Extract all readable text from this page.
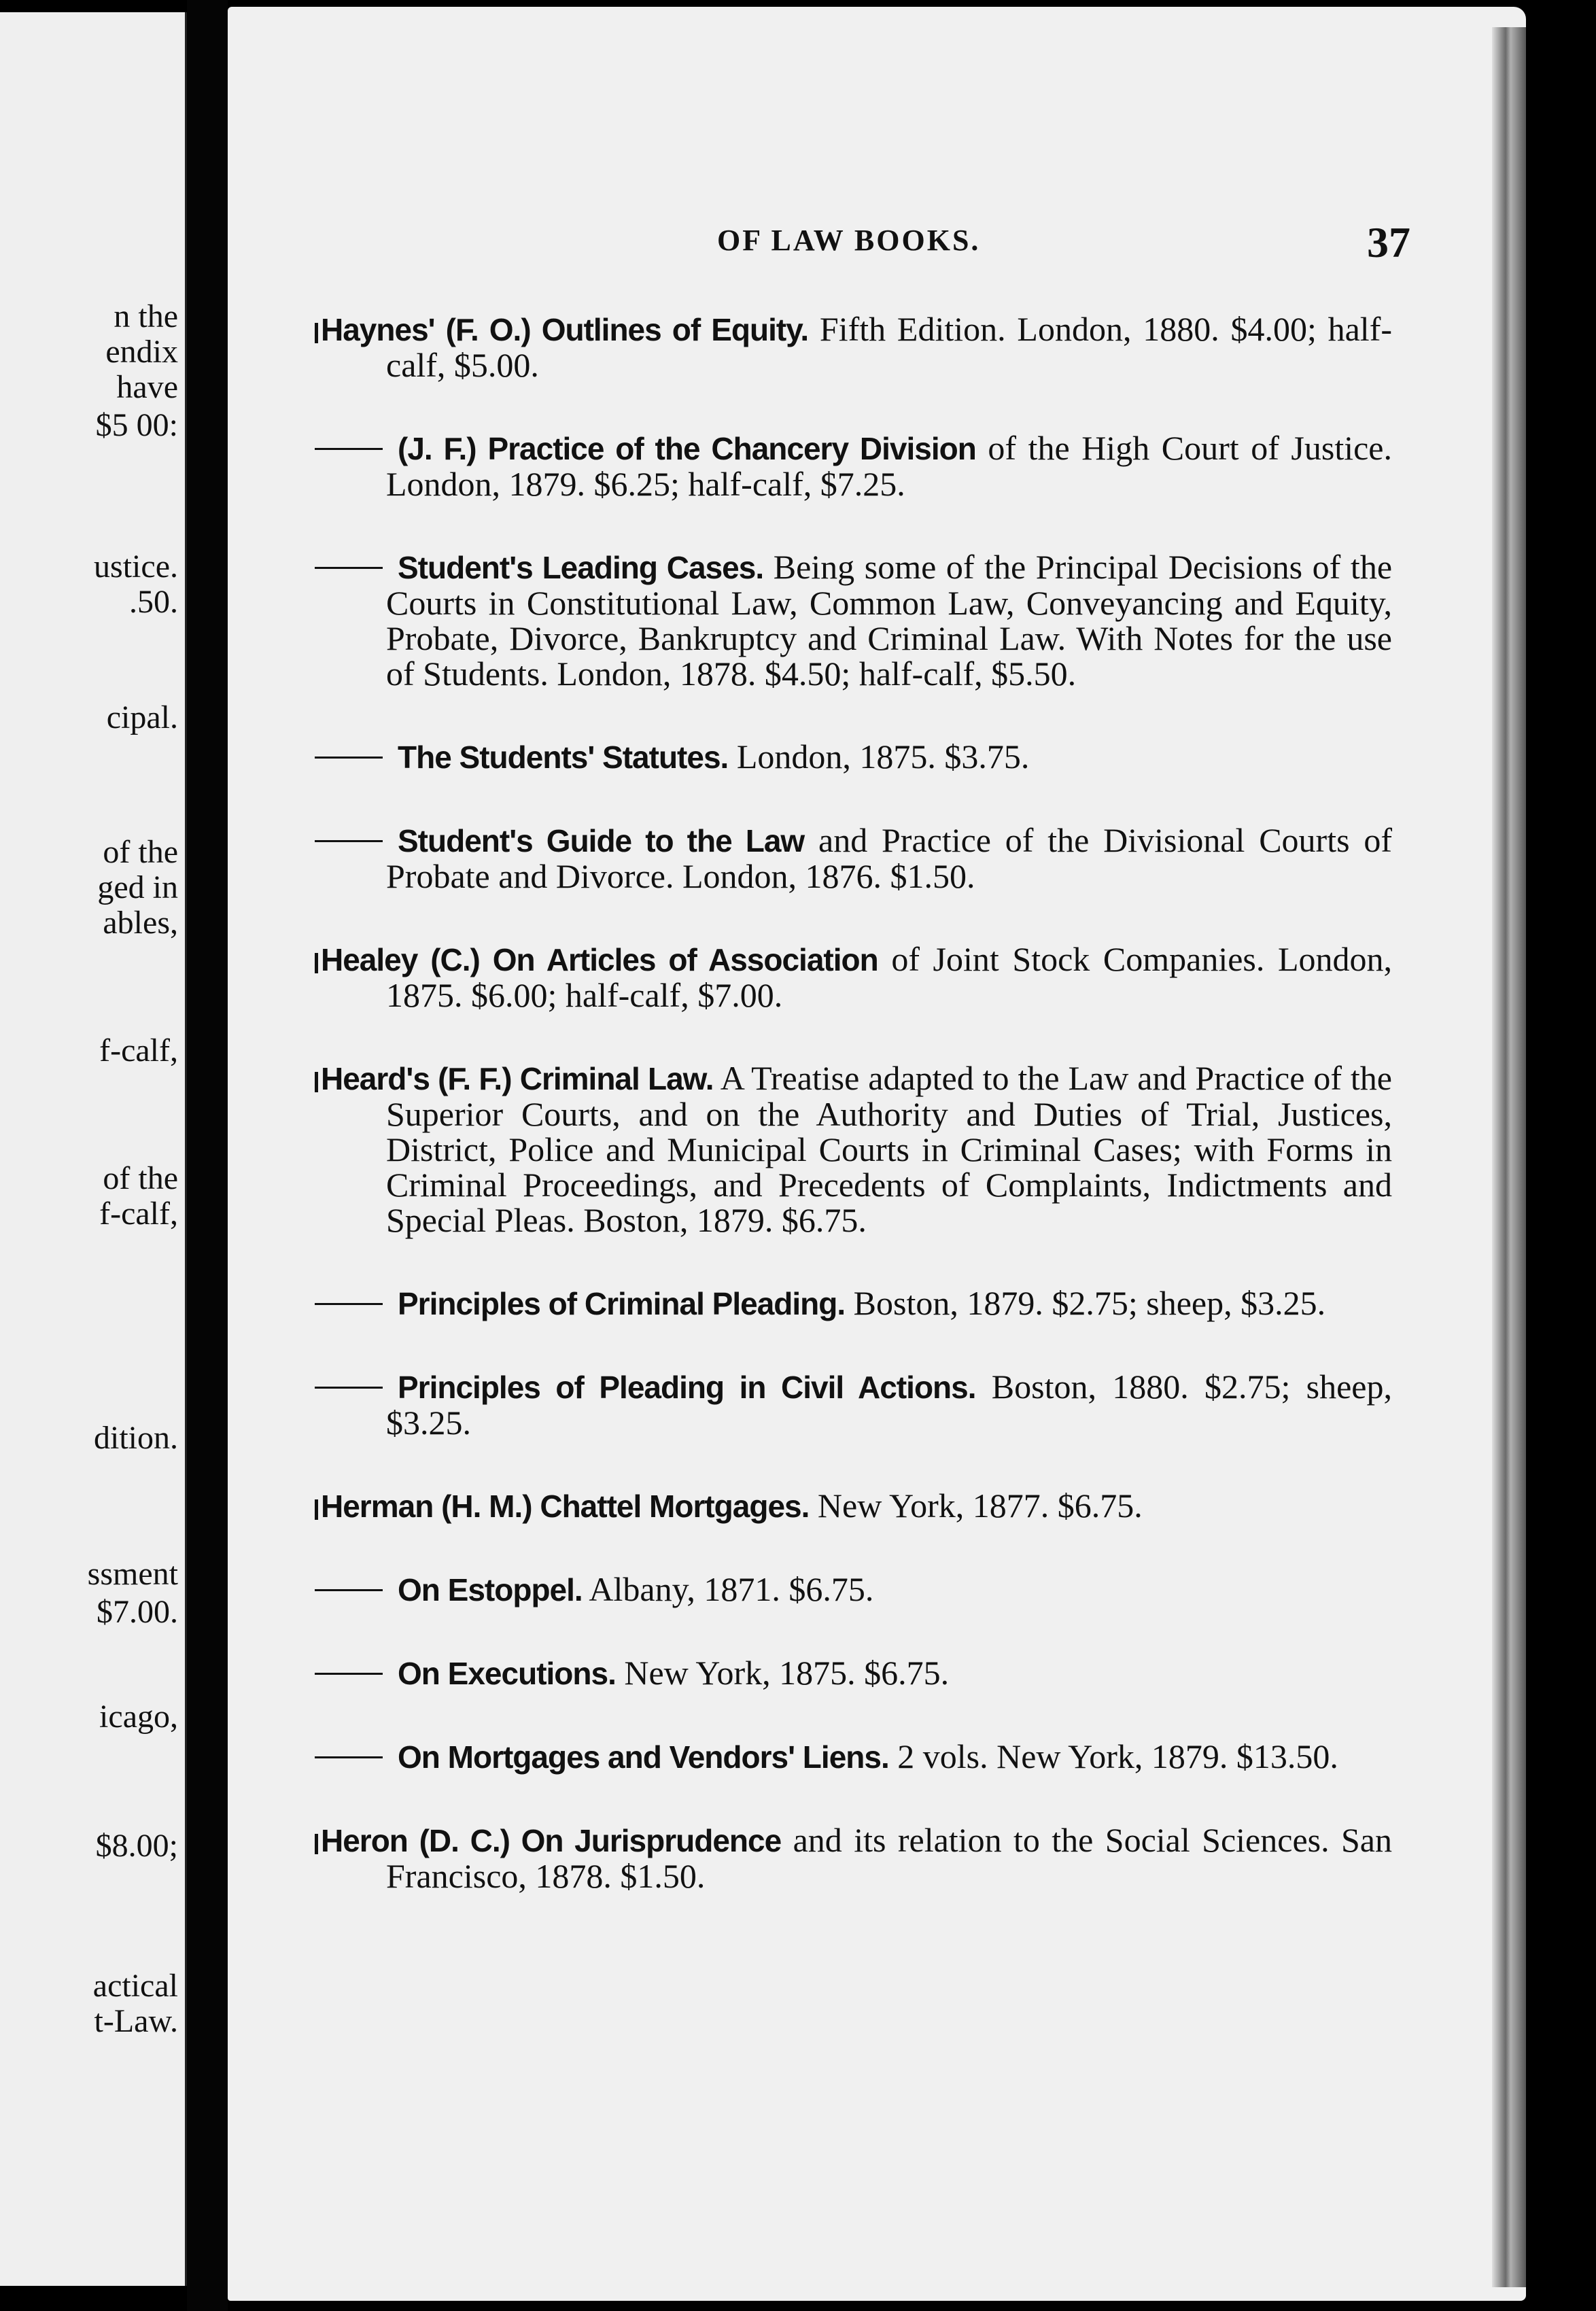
n the
endix
have
$5 00:
ustice.
.50.
cipal.
of the
ged in
ables,
f-calf,
of the
f-calf,
dition.
ssment
$7.00.
icago,
$8.00;
actical
t-Law.
OF LAW BOOKS.	37
Haynes' (F. O.) Outlines of Equity. Fifth Edition. London, 1880. $4.00; half-calf, $5.00.
(J. F.) Practice of the Chancery Division of the High Court of Justice. London, 1879. $6.25; half-calf, $7.25.
Student's Leading Cases. Being some of the Principal Decisions of the Courts in Constitutional Law, Common Law, Conveyancing and Equity, Probate, Divorce, Bankruptcy and Criminal Law. With Notes for the use of Students. London, 1878. $4.50; half-calf, $5.50.
The Students' Statutes. London, 1875. $3.75.
Student's Guide to the Law and Practice of the Divisional Courts of Probate and Divorce. London, 1876. $1.50.
Healey (C.) On Articles of Association of Joint Stock Companies. London, 1875. $6.00; half-calf, $7.00.
Heard's (F. F.) Criminal Law. A Treatise adapted to the Law and Practice of the Superior Courts, and on the Authority and Duties of Trial, Justices, District, Police and Municipal Courts in Criminal Cases; with Forms in Criminal Proceedings, and Precedents of Complaints, Indictments and Special Pleas. Boston, 1879. $6.75.
Principles of Criminal Pleading. Boston, 1879. $2.75; sheep, $3.25.
Principles of Pleading in Civil Actions. Boston, 1880. $2.75; sheep, $3.25.
Herman (H. M.) Chattel Mortgages. New York, 1877. $6.75.
On Estoppel. Albany, 1871. $6.75.
On Executions. New York, 1875. $6.75.
On Mortgages and Vendors' Liens. 2 vols. New York, 1879. $13.50.
Heron (D. C.) On Jurisprudence and its relation to the Social Sciences. San Francisco, 1878. $1.50.
